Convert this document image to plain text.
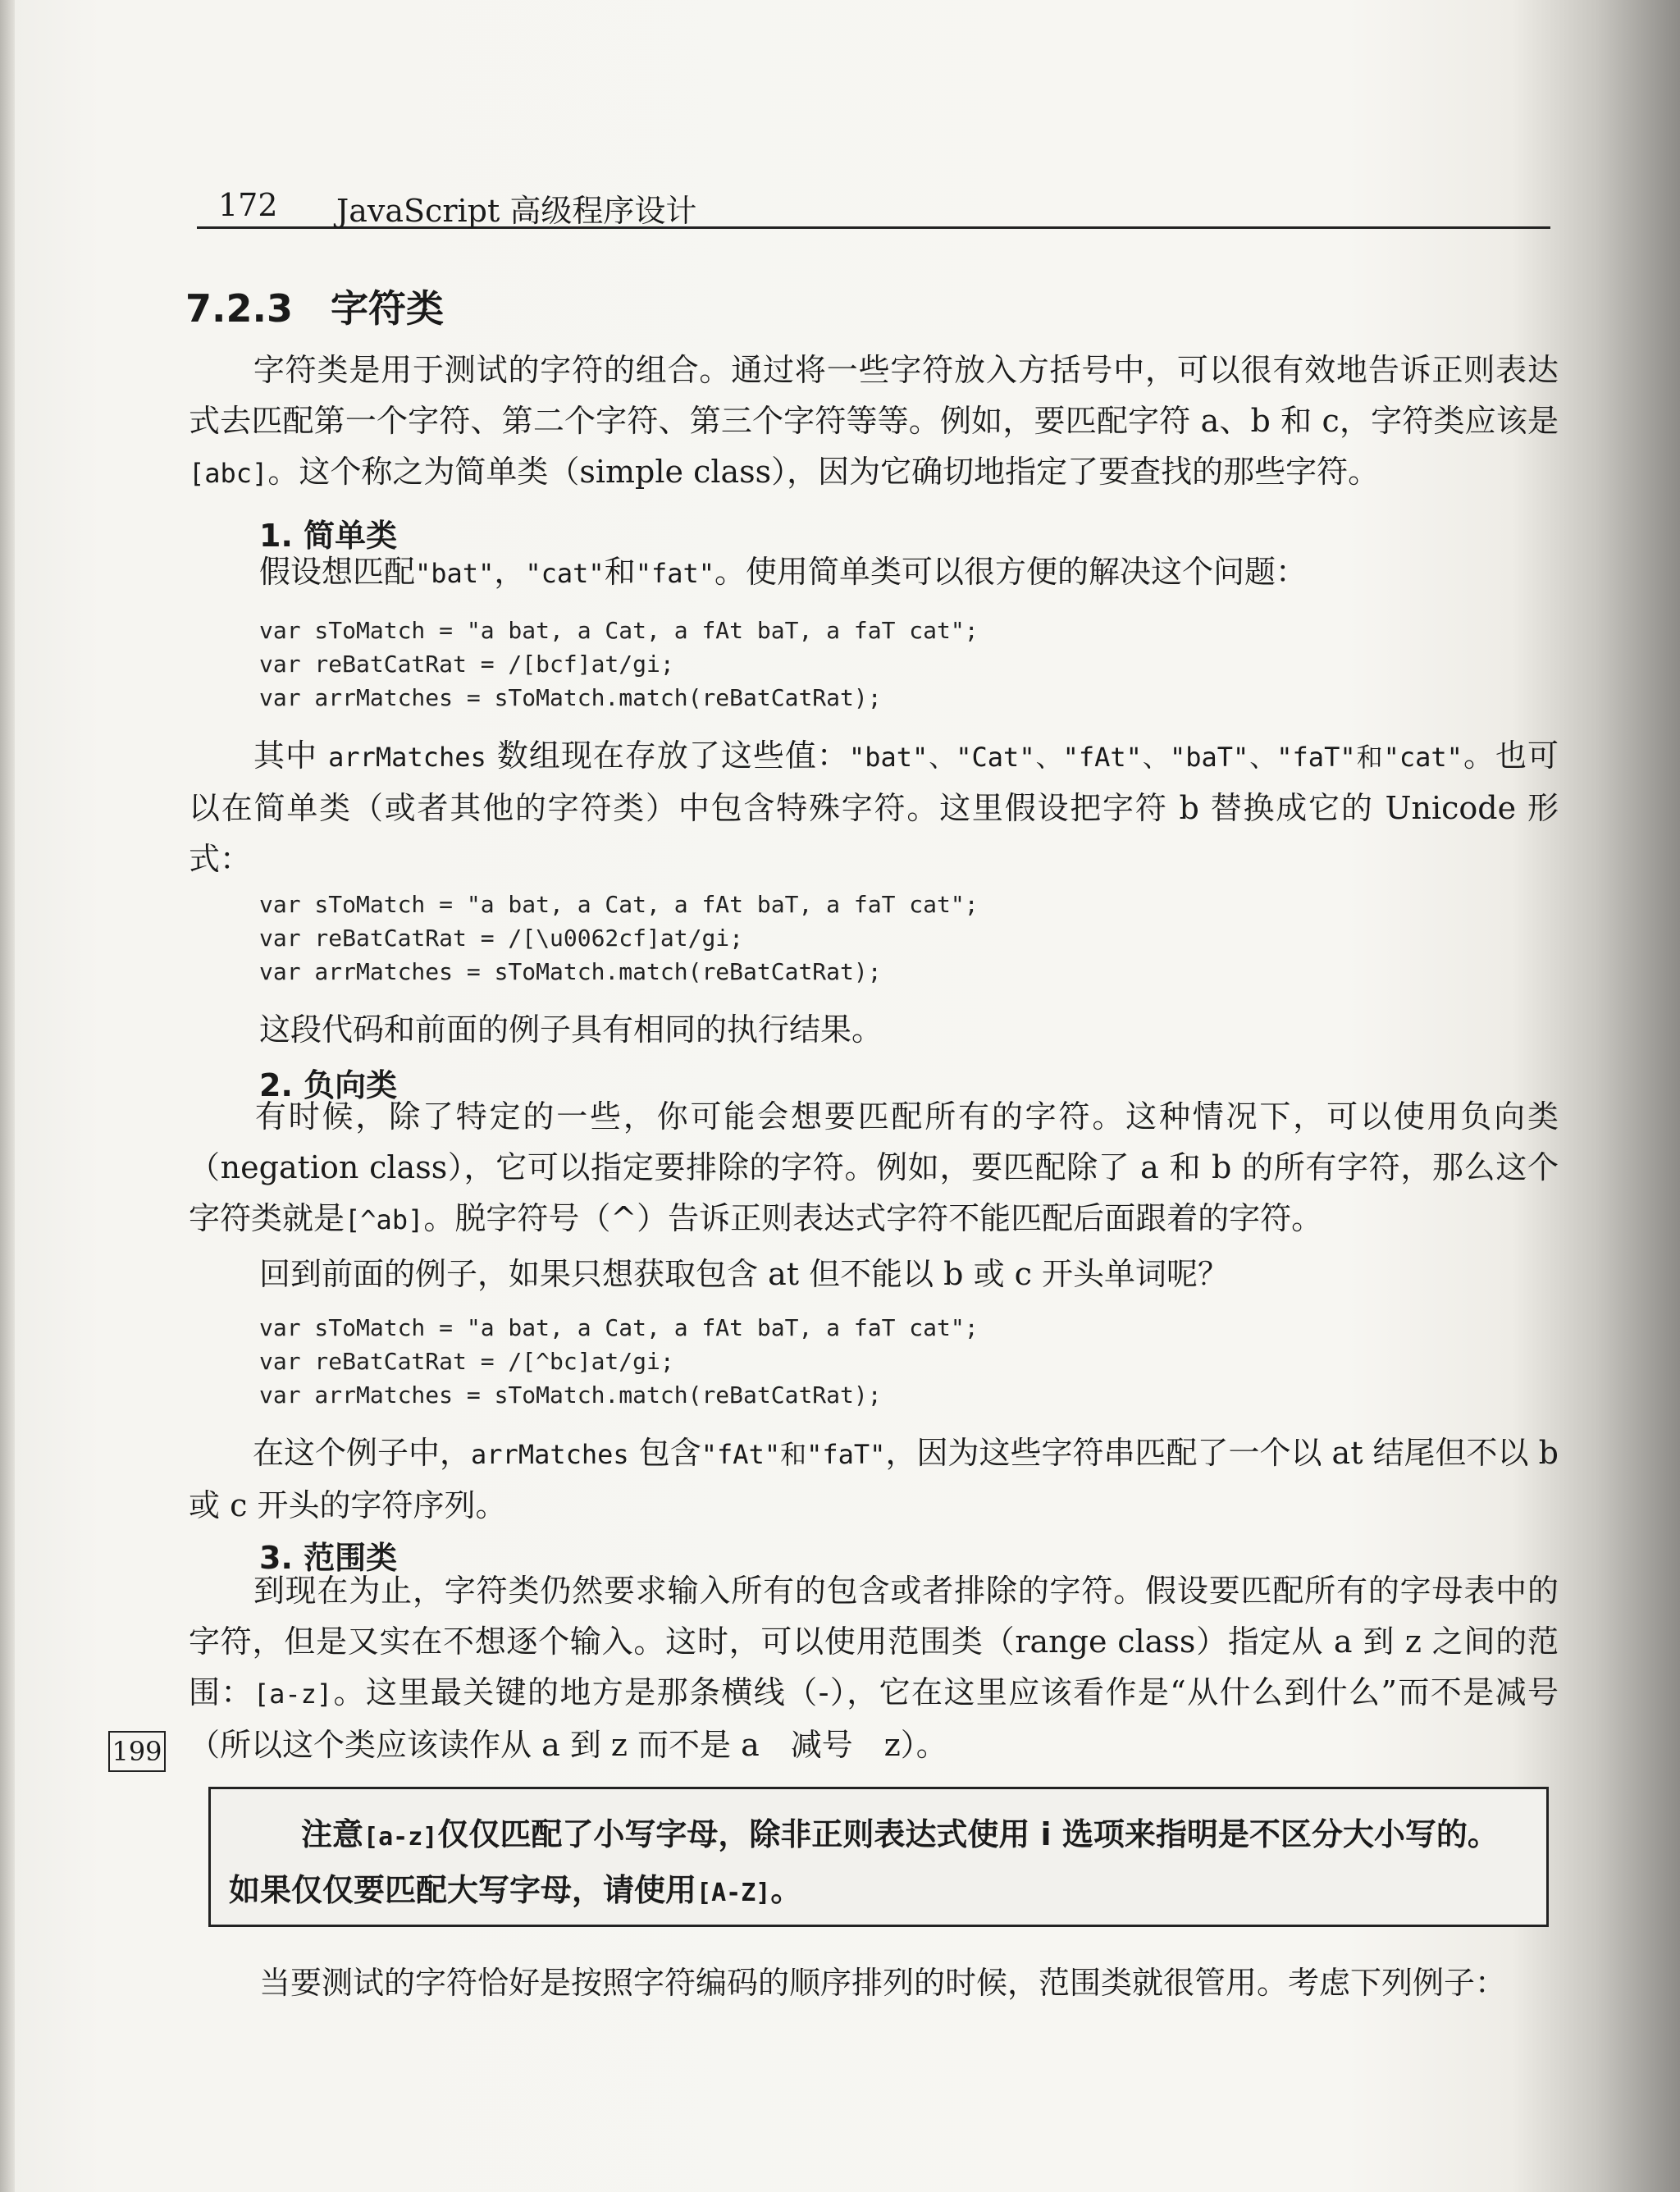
172 JavaScript 高级程序设计
7.2.3　字符类
字符类是用于测试的字符的组合。通过将一些字符放入方括号中，可以很有效地告诉正则表达式去匹配第一个字符、第二个字符、第三个字符等等。例如，要匹配字符 a、b 和 c，字符类应该是[abc]。这个称之为简单类（simple class），因为它确切地指定了要查找的那些字符。
1. 简单类
假设想匹配"bat"，"cat"和"fat"。使用简单类可以很方便的解决这个问题：
var sToMatch = "a bat, a Cat, a fAt baT, a faT cat";
var reBatCatRat = /[bcf]at/gi;
var arrMatches = sToMatch.match(reBatCatRat);
其中 arrMatches 数组现在存放了这些值："bat"、"Cat"、"fAt"、"baT"、"faT"和"cat"。也可以在简单类（或者其他的字符类）中包含特殊字符。这里假设把字符 b 替换成它的 Unicode 形式：
var sToMatch = "a bat, a Cat, a fAt baT, a faT cat";
var reBatCatRat = /[\u0062cf]at/gi;
var arrMatches = sToMatch.match(reBatCatRat);
这段代码和前面的例子具有相同的执行结果。
2. 负向类
有时候，除了特定的一些，你可能会想要匹配所有的字符。这种情况下，可以使用负向类（negation class），它可以指定要排除的字符。例如，要匹配除了 a 和 b 的所有字符，那么这个字符类就是[^ab]。脱字符号（^）告诉正则表达式字符不能匹配后面跟着的字符。
回到前面的例子，如果只想获取包含 at 但不能以 b 或 c 开头单词呢？
var sToMatch = "a bat, a Cat, a fAt baT, a faT cat";
var reBatCatRat = /[^bc]at/gi;
var arrMatches = sToMatch.match(reBatCatRat);
在这个例子中，arrMatches 包含"fAt"和"faT"，因为这些字符串匹配了一个以 at 结尾但不以 b 或 c 开头的字符序列。
3. 范围类
到现在为止，字符类仍然要求输入所有的包含或者排除的字符。假设要匹配所有的字母表中的字符，但是又实在不想逐个输入。这时，可以使用范围类（range class）指定从 a 到 z 之间的范围：[a-z]。这里最关键的地方是那条横线（-），它在这里应该看作是“从什么到什么”而不是减号（所以这个类应该读作从 a 到 z 而不是 a　减号　z）。
199
注意[a-z]仅仅匹配了小写字母，除非正则表达式使用 i 选项来指明是不区分大小写的。
如果仅仅要匹配大写字母，请使用[A-Z]。
当要测试的字符恰好是按照字符编码的顺序排列的时候，范围类就很管用。考虑下列例子：
